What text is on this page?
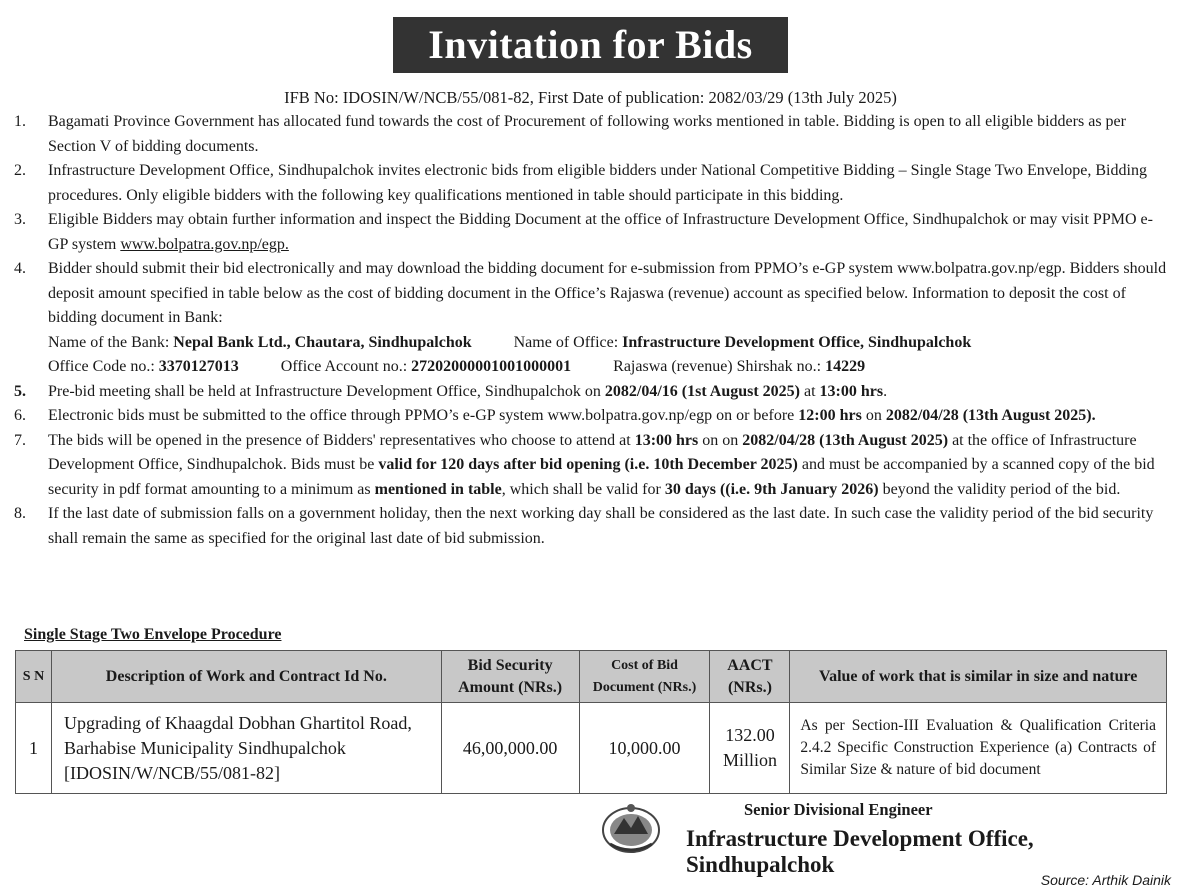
Invitation for Bids
IFB No: IDOSIN/W/NCB/55/081-82, First Date of publication: 2082/03/29 (13th July 2025)
1.	Bagamati Province Government has allocated fund towards the cost of Procurement of following works mentioned in table. Bidding is open to all eligible bidders as per Section V of bidding documents.
2.	Infrastructure Development Office, Sindhupalchok invites electronic bids from eligible bidders under National Competitive Bidding – Single Stage Two Envelope, Bidding procedures. Only eligible bidders with the following key qualifications mentioned in table should participate in this bidding.
3.	Eligible Bidders may obtain further information and inspect the Bidding Document at the office of Infrastructure Development Office, Sindhupalchok or may visit PPMO e-GP system www.bolpatra.gov.np/egp.
4.	Bidder should submit their bid electronically and may download the bidding document for e-submission from PPMO’s e-GP system www.bolpatra.gov.np/egp. Bidders should deposit amount specified in table below as the cost of bidding document in the Office’s Rajaswa (revenue) account as specified below. Information to deposit the cost of bidding document in Bank:
Name of the Bank: Nepal Bank Ltd., Chautara, Sindhupalchok	Name of Office: Infrastructure Development Office, Sindhupalchok
Office Code no.: 3370127013	Office Account no.: 27202000001001000001	Rajaswa (revenue) Shirshak no.: 14229
5.	Pre-bid meeting shall be held at Infrastructure Development Office, Sindhupalchok on 2082/04/16 (1st August 2025) at 13:00 hrs.
6.	Electronic bids must be submitted to the office through PPMO’s e-GP system www.bolpatra.gov.np/egp on or before 12:00 hrs on 2082/04/28 (13th August 2025).
7.	The bids will be opened in the presence of Bidders' representatives who choose to attend at 13:00 hrs on on 2082/04/28 (13th August 2025) at the office of Infrastructure Development Office, Sindhupalchok. Bids must be valid for 120 days after bid opening (i.e. 10th December 2025) and must be accompanied by a scanned copy of the bid security in pdf format amounting to a minimum as mentioned in table, which shall be valid for 30 days ((i.e. 9th January 2026) beyond the validity period of the bid.
8.	If the last date of submission falls on a government holiday, then the next working day shall be considered as the last date. In such case the validity period of the bid security shall remain the same as specified for the original last date of bid submission.
Single Stage Two Envelope Procedure
S N	Description of Work and Contract Id No.	Bid Security Amount (NRs.)	Cost of Bid Document (NRs.)	AACT (NRs.)	Value of work that is similar in size and nature
1	Upgrading of Khaagdal Dobhan Ghartitol Road, Barhabise Municipality Sindhupalchok [IDOSIN/W/NCB/55/081-82]	46,00,000.00	10,000.00	132.00 Million	As per Section-III Evaluation & Qualification Criteria 2.4.2 Specific Construction Experience (a) Contracts of Similar Size & nature of bid document
Senior Divisional Engineer
Infrastructure Development Office, Sindhupalchok
Source: Arthik Dainik
